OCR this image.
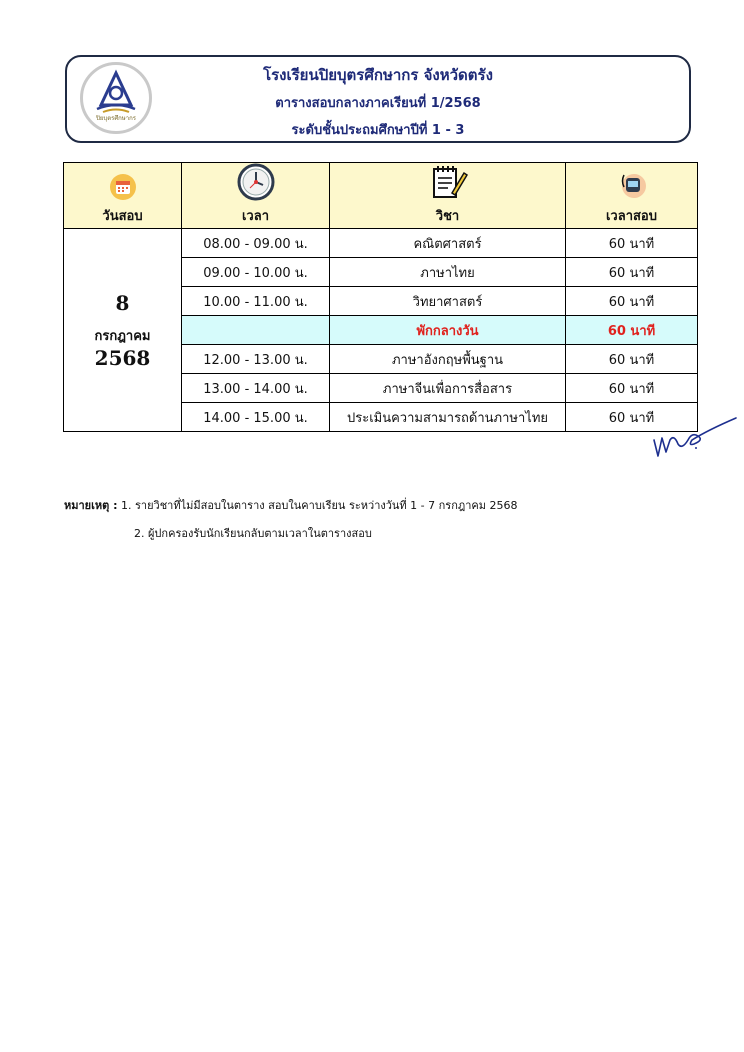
ปิยบุตรศึกษากร
โรงเรียนปิยบุตรศึกษากร จังหวัดตรัง
ตารางสอบกลางภาคเรียนที่ 1/2568
ระดับชั้นประถมศึกษาปีที่ 1 - 3
วันสอบ	เวลา	วิชา	เวลาสอบ

8
กรกฎาคม
2568	08.00 - 09.00 น.	คณิตศาสตร์	60 นาที
	09.00 - 10.00 น.	ภาษาไทย	60 นาที
	10.00 - 11.00 น.	วิทยาศาสตร์	60 นาที
		พักกลางวัน	60 นาที
	12.00 - 13.00 น.	ภาษาอังกฤษพื้นฐาน	60 นาที
	13.00 - 14.00 น.	ภาษาจีนเพื่อการสื่อสาร	60 นาที
	14.00 - 15.00 น.	ประเมินความสามารถด้านภาษาไทย	60 นาที
หมายเหตุ : 1. รายวิชาที่ไม่มีสอบในตาราง สอบในคาบเรียน ระหว่างวันที่ 1 - 7 กรกฎาคม 2568
2. ผู้ปกครองรับนักเรียนกลับตามเวลาในตารางสอบ
